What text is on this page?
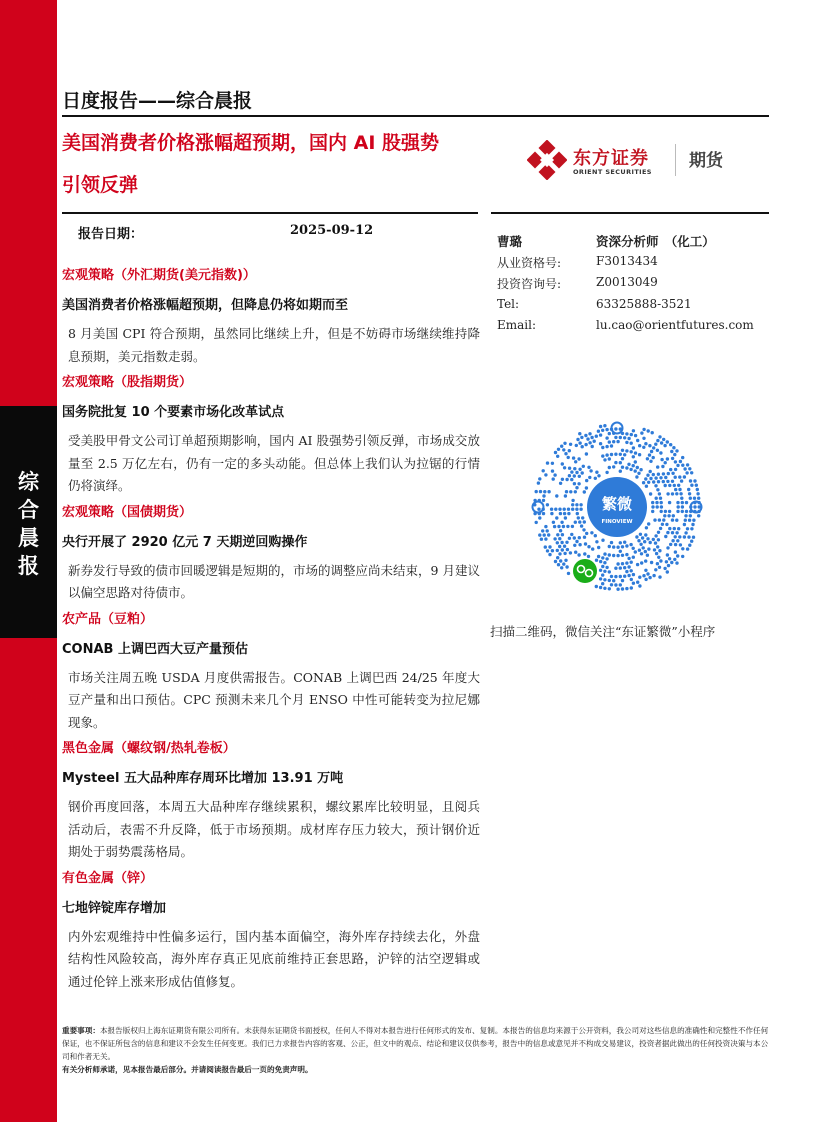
综
合
晨
报
日度报告——综合晨报
美国消费者价格涨幅超预期，国内 AI 股强势
引领反弹
东方证券
ORIENT SECURITIES
期货
报告日期：	2025-09-12
宏观策略（外汇期货(美元指数)）
美国消费者价格涨幅超预期，但降息仍将如期而至
8 月美国 CPI 符合预期，虽然同比继续上升，但是不妨碍市场继续维持降息预期，美元指数走弱。
宏观策略（股指期货）
国务院批复 10 个要素市场化改革试点
受美股甲骨文公司订单超预期影响，国内 AI 股强势引领反弹，市场成交放量至 2.5 万亿左右，仍有一定的多头动能。但总体上我们认为拉锯的行情仍将演绎。
宏观策略（国债期货）
央行开展了 2920 亿元 7 天期逆回购操作
新券发行导致的债市回暖逻辑是短期的，市场的调整应尚未结束，9 月建议以偏空思路对待债市。
农产品（豆粕）
CONAB 上调巴西大豆产量预估
市场关注周五晚 USDA 月度供需报告。CONAB 上调巴西 24/25 年度大豆产量和出口预估。CPC 预测未来几个月 ENSO 中性可能转变为拉尼娜现象。
黑色金属（螺纹钢/热轧卷板）
Mysteel 五大品种库存周环比增加 13.91 万吨
钢价再度回落，本周五大品种库存继续累积，螺纹累库比较明显，且阅兵活动后，表需不升反降，低于市场预期。成材库存压力较大，预计钢价近期处于弱势震荡格局。
有色金属（锌）
七地锌锭库存增加
内外宏观维持中性偏多运行，国内基本面偏空，海外库存持续去化，外盘结构性风险较高，海外库存真正见底前维持正套思路，沪锌的沽空逻辑或通过伦锌上涨来形成估值修复。
曹璐	资深分析师　（化工）
从业资格号:	F3013434
投资咨询号:	Z0013049
Tel:	63325888-3521
Email:	lu.cao@orientfutures.com
繁微
FINOVIEW
扫描二维码，微信关注“东证繁微”小程序
重要事项：本报告版权归上海东证期货有限公司所有。未获得东证期货书面授权，任何人不得对本报告进行任何形式的发布、复制。本报告的信息均来源于公开资料，我公司对这些信息的准确性和完整性不作任何保证，也不保证所包含的信息和建议不会发生任何变更。我们已力求报告内容的客观、公正，但文中的观点、结论和建议仅供参考，报告中的信息或意见并不构成交易建议，投资者据此做出的任何投资决策与本公司和作者无关。
有关分析师承诺，见本报告最后部分。并请阅读报告最后一页的免责声明。
